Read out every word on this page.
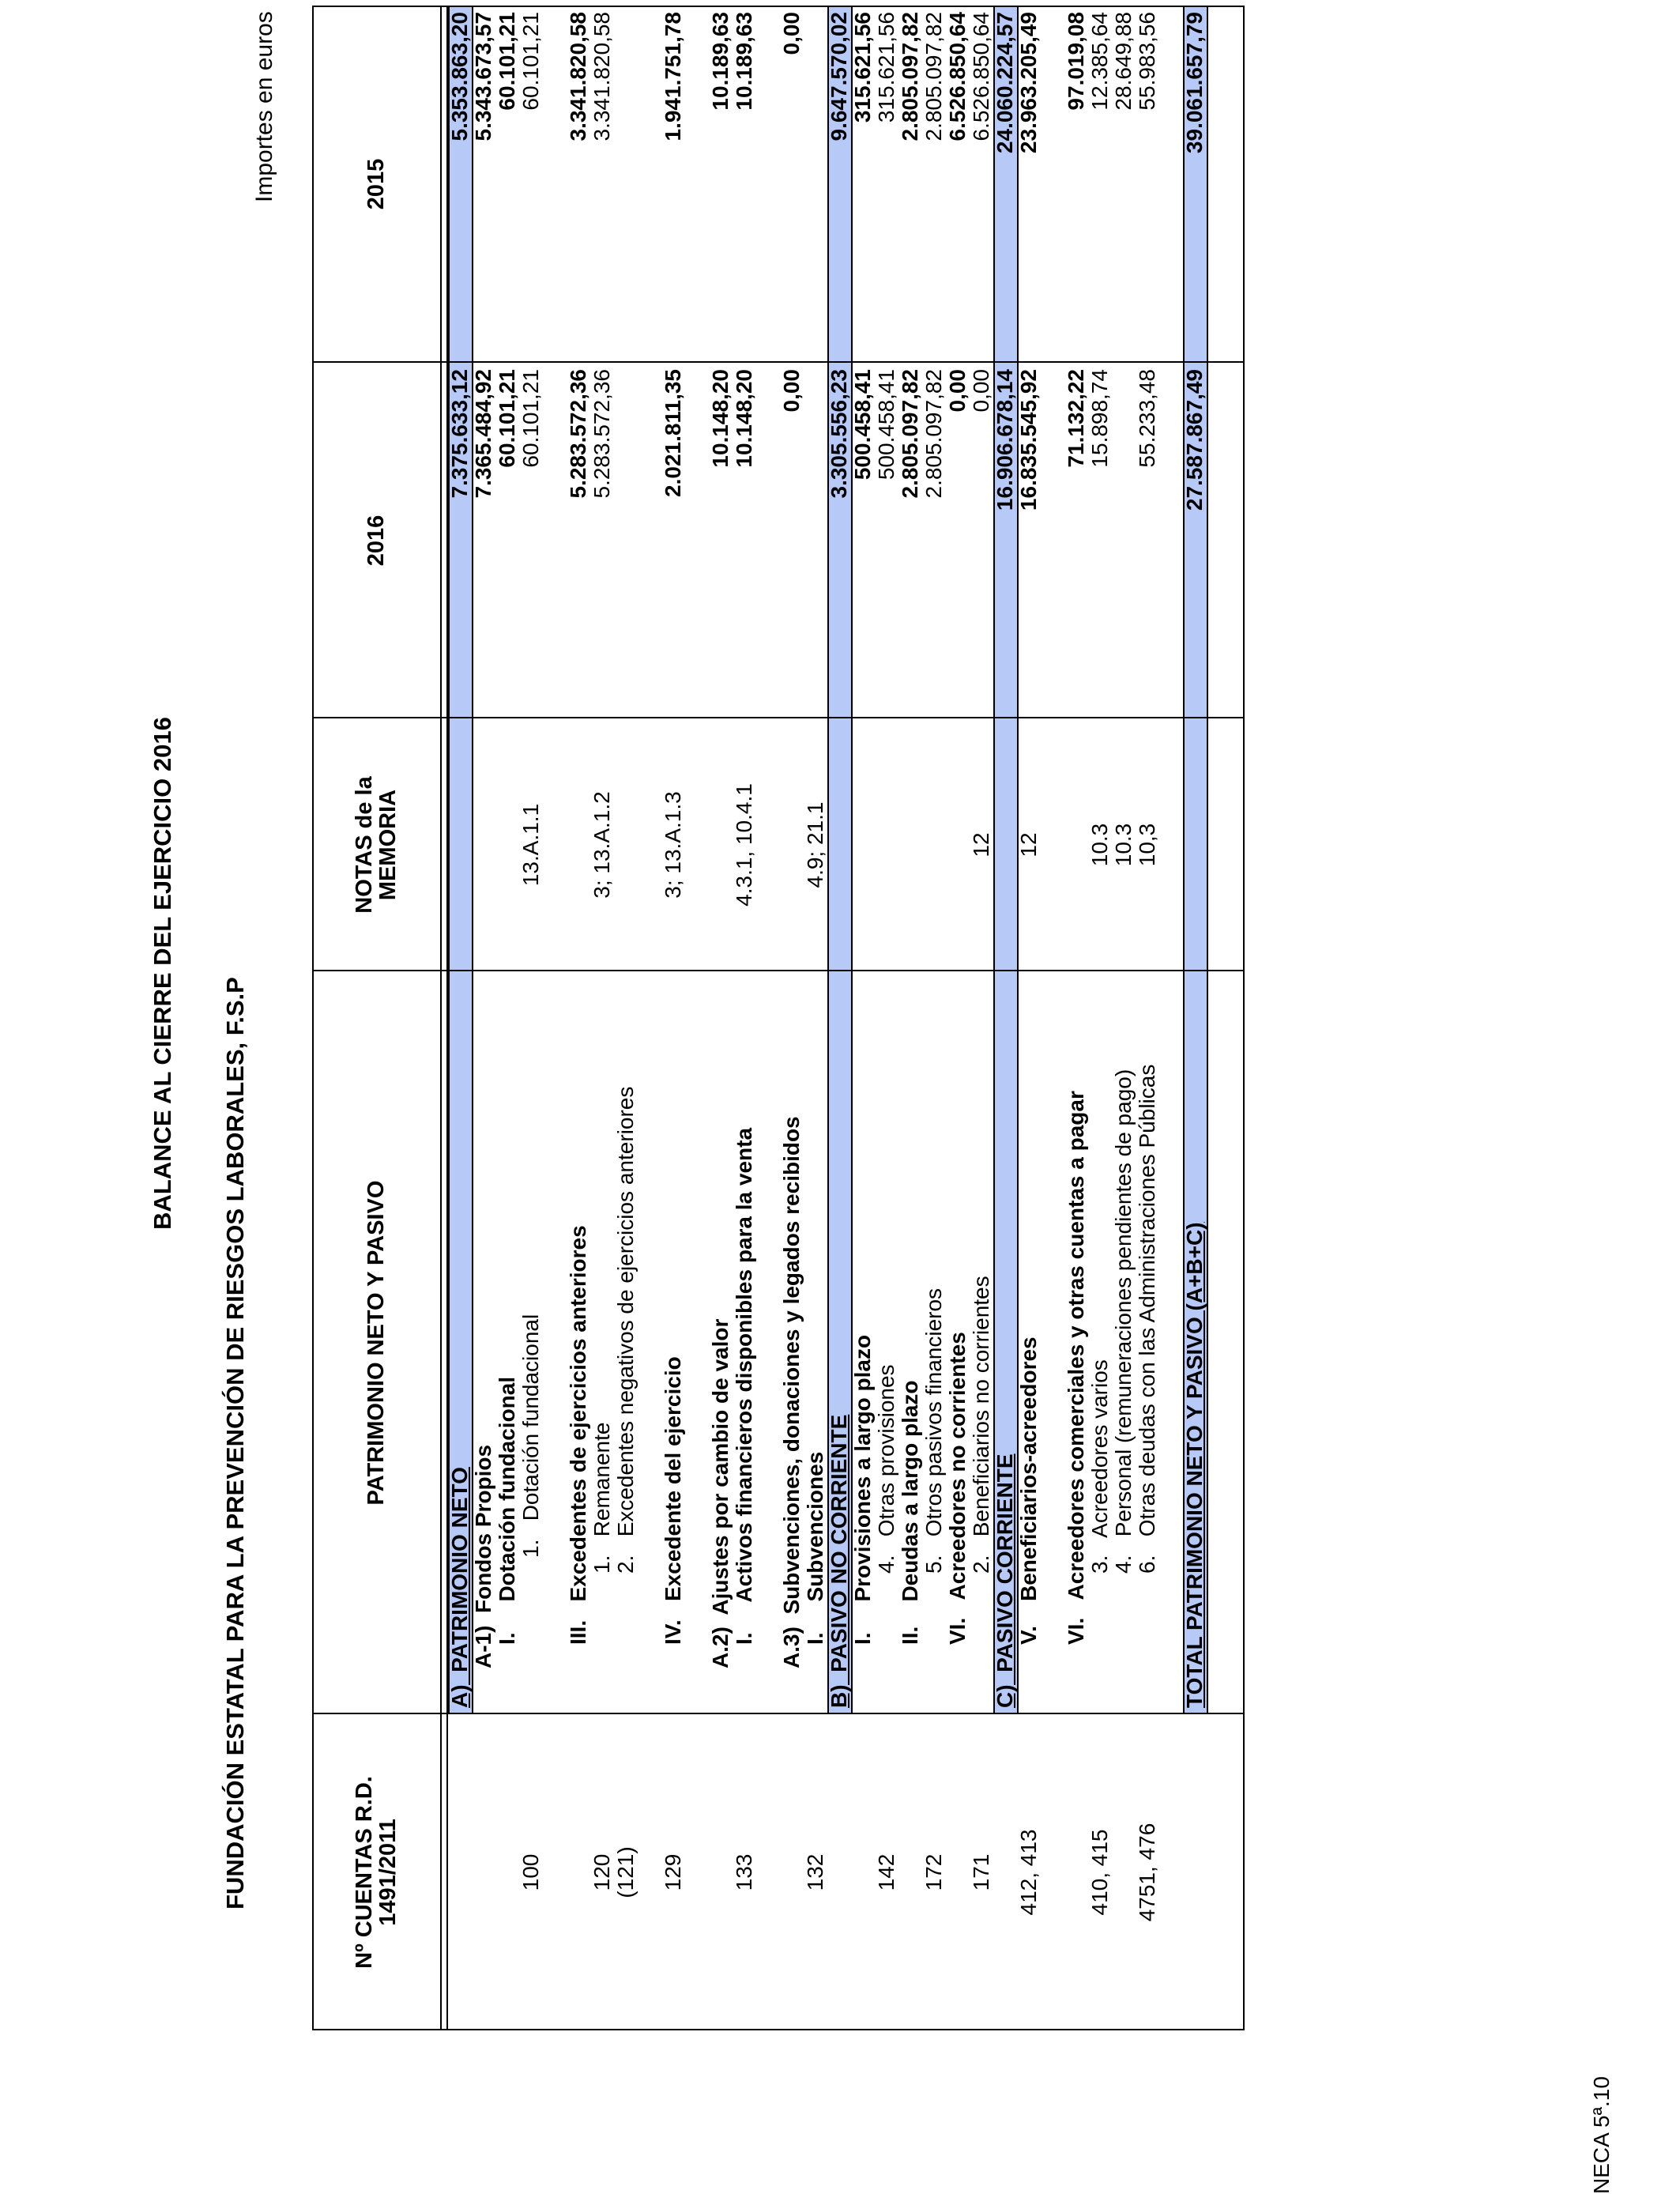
BALANCE AL CIERRE DEL EJERCICIO 2016
FUNDACIÓN ESTATAL PARA LA PREVENCIÓN DE RIESGOS LABORALES, F.S.P
Importes en euros
NECA 5ª.10
Nº CUENTAS R.D. 1491/2011
PATRIMONIO NETO Y PASIVO
NOTAS de la MEMORIA
2016
2015
A)  PATRIMONIO NETO
7.375.633,12
5.353.863,20
A-1)  Fondos Propios
7.365.484,92
5.343.673,57
I.     Dotación fundacional
60.101,21
60.101,21
100
1.   Dotación fundacional
13.A.1.1
60.101,21
60.101,21
III.   Excedentes de ejercicios anteriores
5.283.572,36
3.341.820,58
120
1.   Remanente
3; 13.A.1.2
5.283.572,36
3.341.820,58
(121)
2.   Excedentes negativos de ejercicios anteriores
129
IV.   Excedente del ejercicio
3; 13.A.1.3
2.021.811,35
1.941.751,78
A.2)  Ajustes por cambio de valor
10.148,20
10.189,63
133
I.     Activos financieros disponibles para la venta
4.3.1, 10.4.1
10.148,20
10.189,63
A.3)  Subvenciones, donaciones y legados recibidos
0,00
0,00
132
I.     Subvenciones
4.9; 21.1
B)  PASIVO NO CORRIENTE
3.305.556,23
9.647.570,02
I.     Provisiones a largo plazo
500.458,41
315.621,56
142
4.   Otras provisiones
500.458,41
315.621,56
II.    Deudas a largo plazo
2.805.097,82
2.805.097,82
172
5.   Otros pasivos financieros
2.805.097,82
2.805.097,82
VI.   Acreedores no corrientes
0,00
6.526.850,64
171
2.   Beneficiarios no corrientes
12
0,00
6.526.850,64
C)  PASIVO CORRIENTE
16.906.678,14
24.060.224,57
412, 413
V.    Beneficiarios-acreedores
12
16.835.545,92
23.963.205,49
VI.   Acreedores comerciales y otras cuentas a pagar
71.132,22
97.019,08
410, 415
3.   Acreedores varios
10.3
15.898,74
12.385,64
4.   Personal (remuneraciones pendientes de pago)
10.3
28.649,88
4751, 476
6.   Otras deudas con las Administraciones Públicas
10,3
55.233,48
55.983,56
TOTAL PATRIMONIO NETO Y PASIVO (A+B+C)
27.587.867,49
39.061.657,79
